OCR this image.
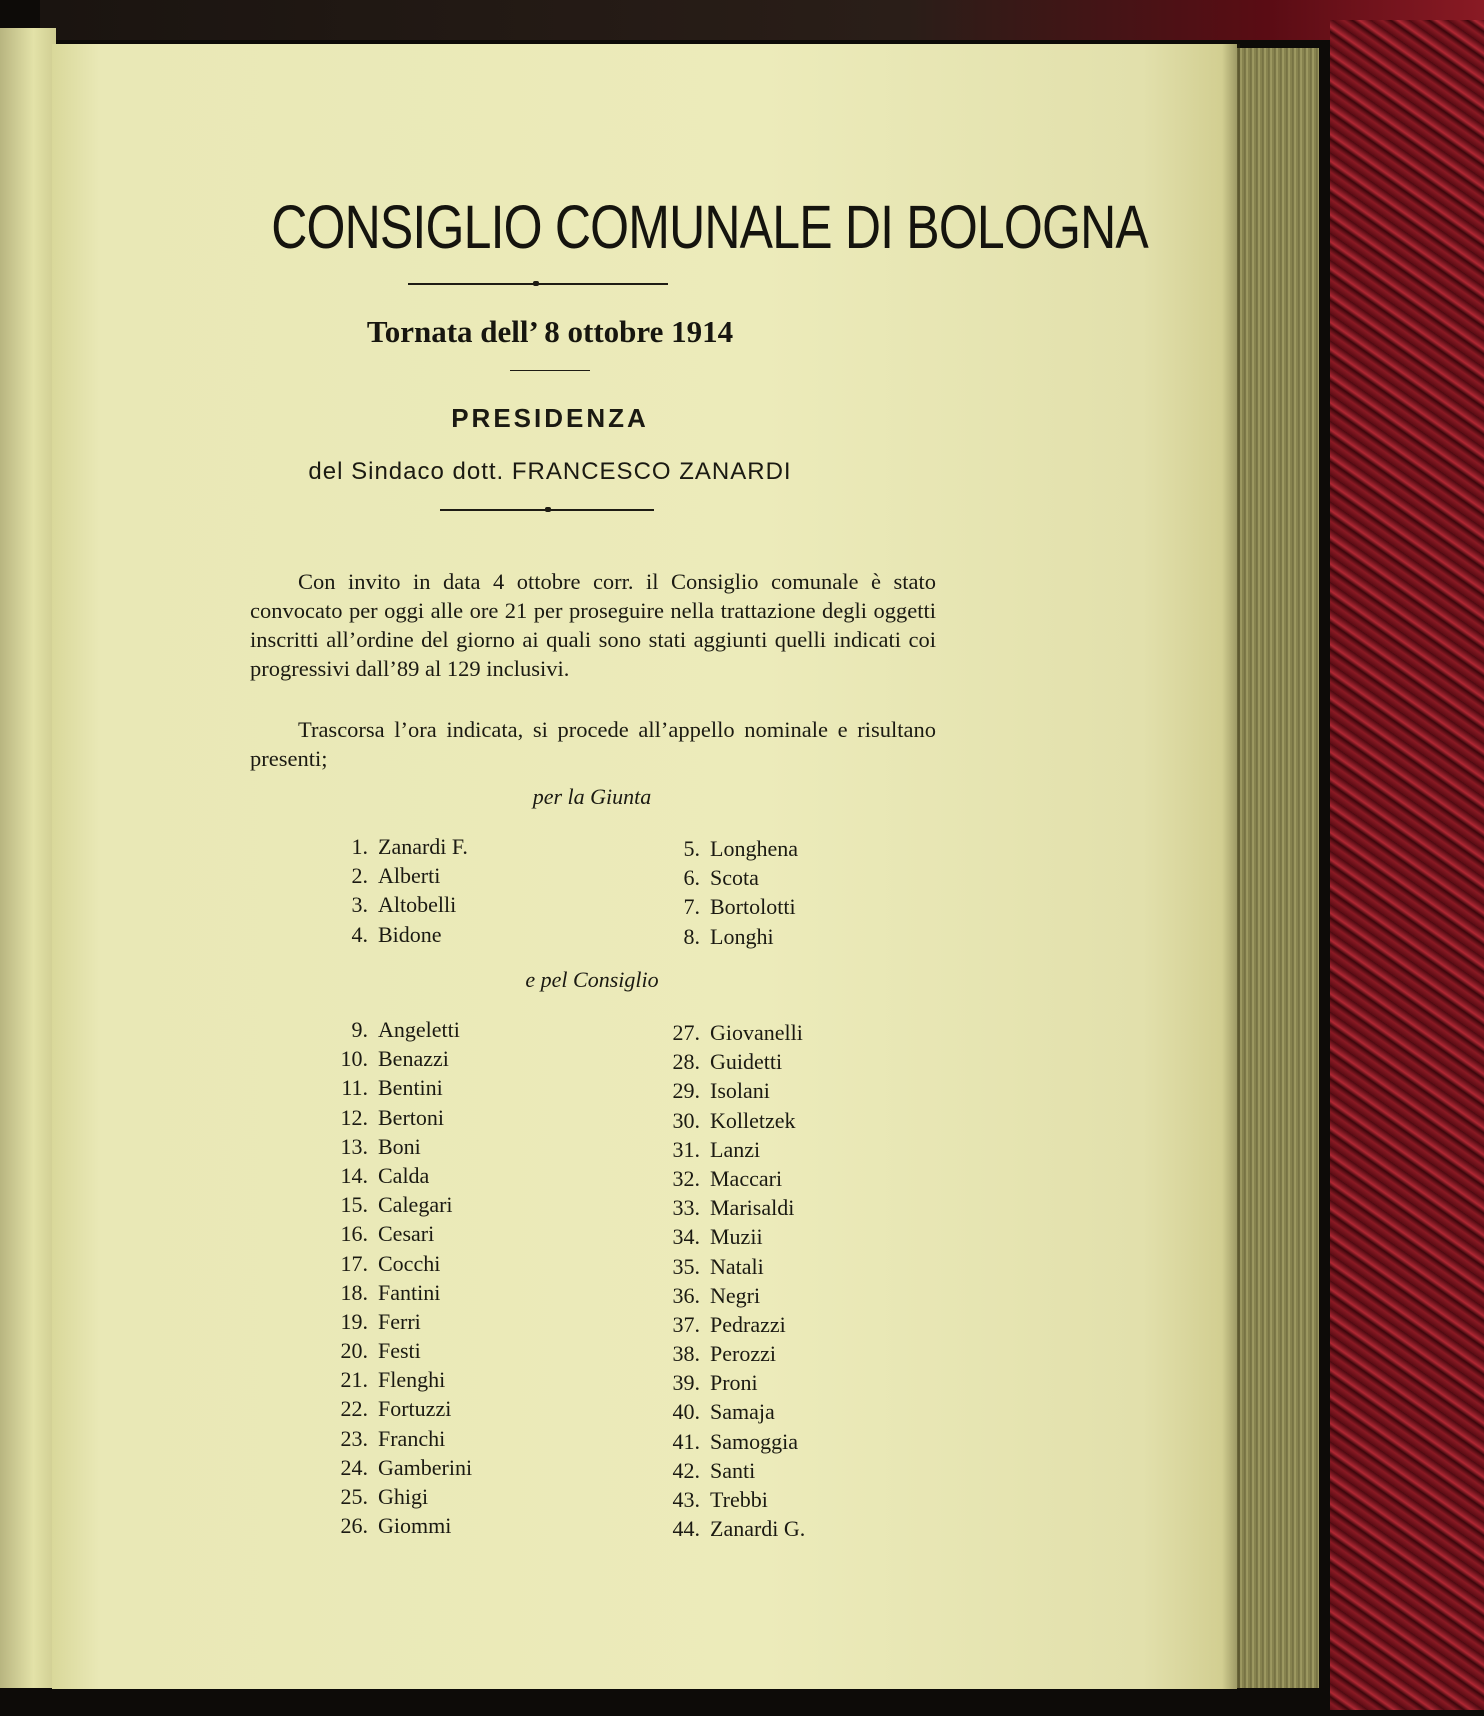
CONSIGLIO COMUNALE DI BOLOGNA
Tornata dell’ 8 ottobre 1914
PRESIDENZA
del Sindaco dott. FRANCESCO ZANARDI
Con invito in data 4 ottobre corr. il Consiglio comunale è stato convocato per oggi alle ore 21 per proseguire nella trattazione degli oggetti inscritti all’ordine del giorno ai quali sono stati aggiunti quelli indicati coi progressivi dall’89 al 129 inclusivi.
Trascorsa l’ora indicata, si procede all’appello nominale e risultano presenti;
per la Giunta
1. Zanardi F.
2. Alberti
3. Altobelli
4. Bidone
5. Longhena
6. Scota
7. Bortolotti
8. Longhi
e pel Consiglio
9. Angeletti
10. Benazzi
11. Bentini
12. Bertoni
13. Boni
14. Calda
15. Calegari
16. Cesari
17. Cocchi
18. Fantini
19. Ferri
20. Festi
21. Flenghi
22. Fortuzzi
23. Franchi
24. Gamberini
25. Ghigi
26. Giommi
27. Giovanelli
28. Guidetti
29. Isolani
30. Kolletzek
31. Lanzi
32. Maccari
33. Marisaldi
34. Muzii
35. Natali
36. Negri
37. Pedrazzi
38. Perozzi
39. Proni
40. Samaja
41. Samoggia
42. Santi
43. Trebbi
44. Zanardi G.
